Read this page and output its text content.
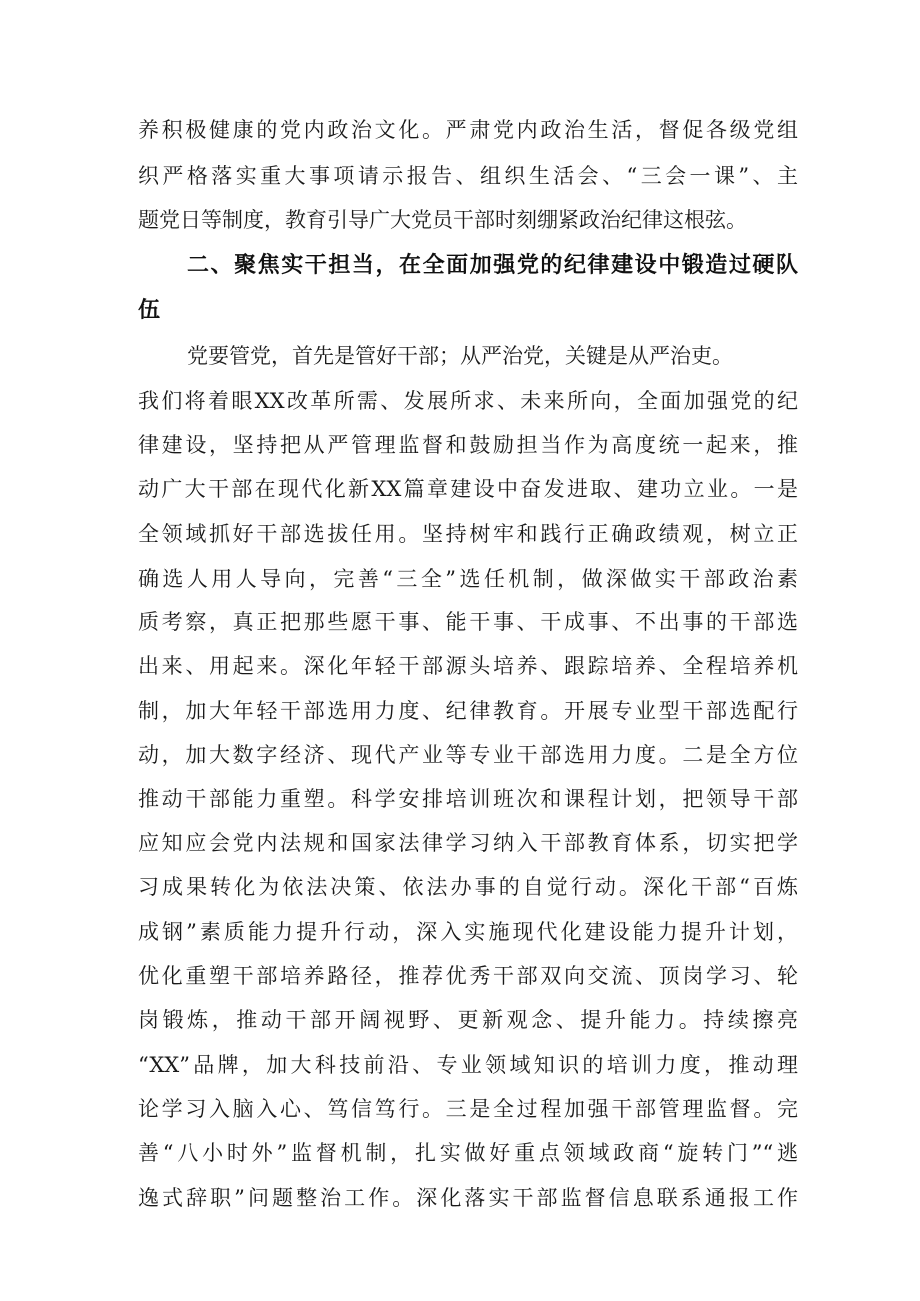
养积极健康的党内政治文化。严肃党内政治生活，督促各级党组
织严格落实重大事项请示报告、组织生活会、“三会一课”、主
题党日等制度，教育引导广大党员干部时刻绷紧政治纪律这根弦。
二、聚焦实干担当，在全面加强党的纪律建设中锻造过硬队
伍
党要管党，首先是管好干部；从严治党，关键是从严治吏。
我们将着眼XX改革所需、发展所求、未来所向，全面加强党的纪
律建设，坚持把从严管理监督和鼓励担当作为高度统一起来，推
动广大干部在现代化新XX篇章建设中奋发进取、建功立业。一是
全领域抓好干部选拔任用。坚持树牢和践行正确政绩观，树立正
确选人用人导向，完善“三全”选任机制，做深做实干部政治素
质考察，真正把那些愿干事、能干事、干成事、不出事的干部选
出来、用起来。深化年轻干部源头培养、跟踪培养、全程培养机
制，加大年轻干部选用力度、纪律教育。开展专业型干部选配行
动，加大数字经济、现代产业等专业干部选用力度。二是全方位
推动干部能力重塑。科学安排培训班次和课程计划，把领导干部
应知应会党内法规和国家法律学习纳入干部教育体系，切实把学
习成果转化为依法决策、依法办事的自觉行动。深化干部“百炼
成钢”素质能力提升行动，深入实施现代化建设能力提升计划，
优化重塑干部培养路径，推荐优秀干部双向交流、顶岗学习、轮
岗锻炼，推动干部开阔视野、更新观念、提升能力。持续擦亮
“XX”品牌，加大科技前沿、专业领域知识的培训力度，推动理
论学习入脑入心、笃信笃行。三是全过程加强干部管理监督。完
善“八小时外”监督机制，扎实做好重点领域政商“旋转门”“逃
逸式辞职”问题整治工作。深化落实干部监督信息联系通报工作
